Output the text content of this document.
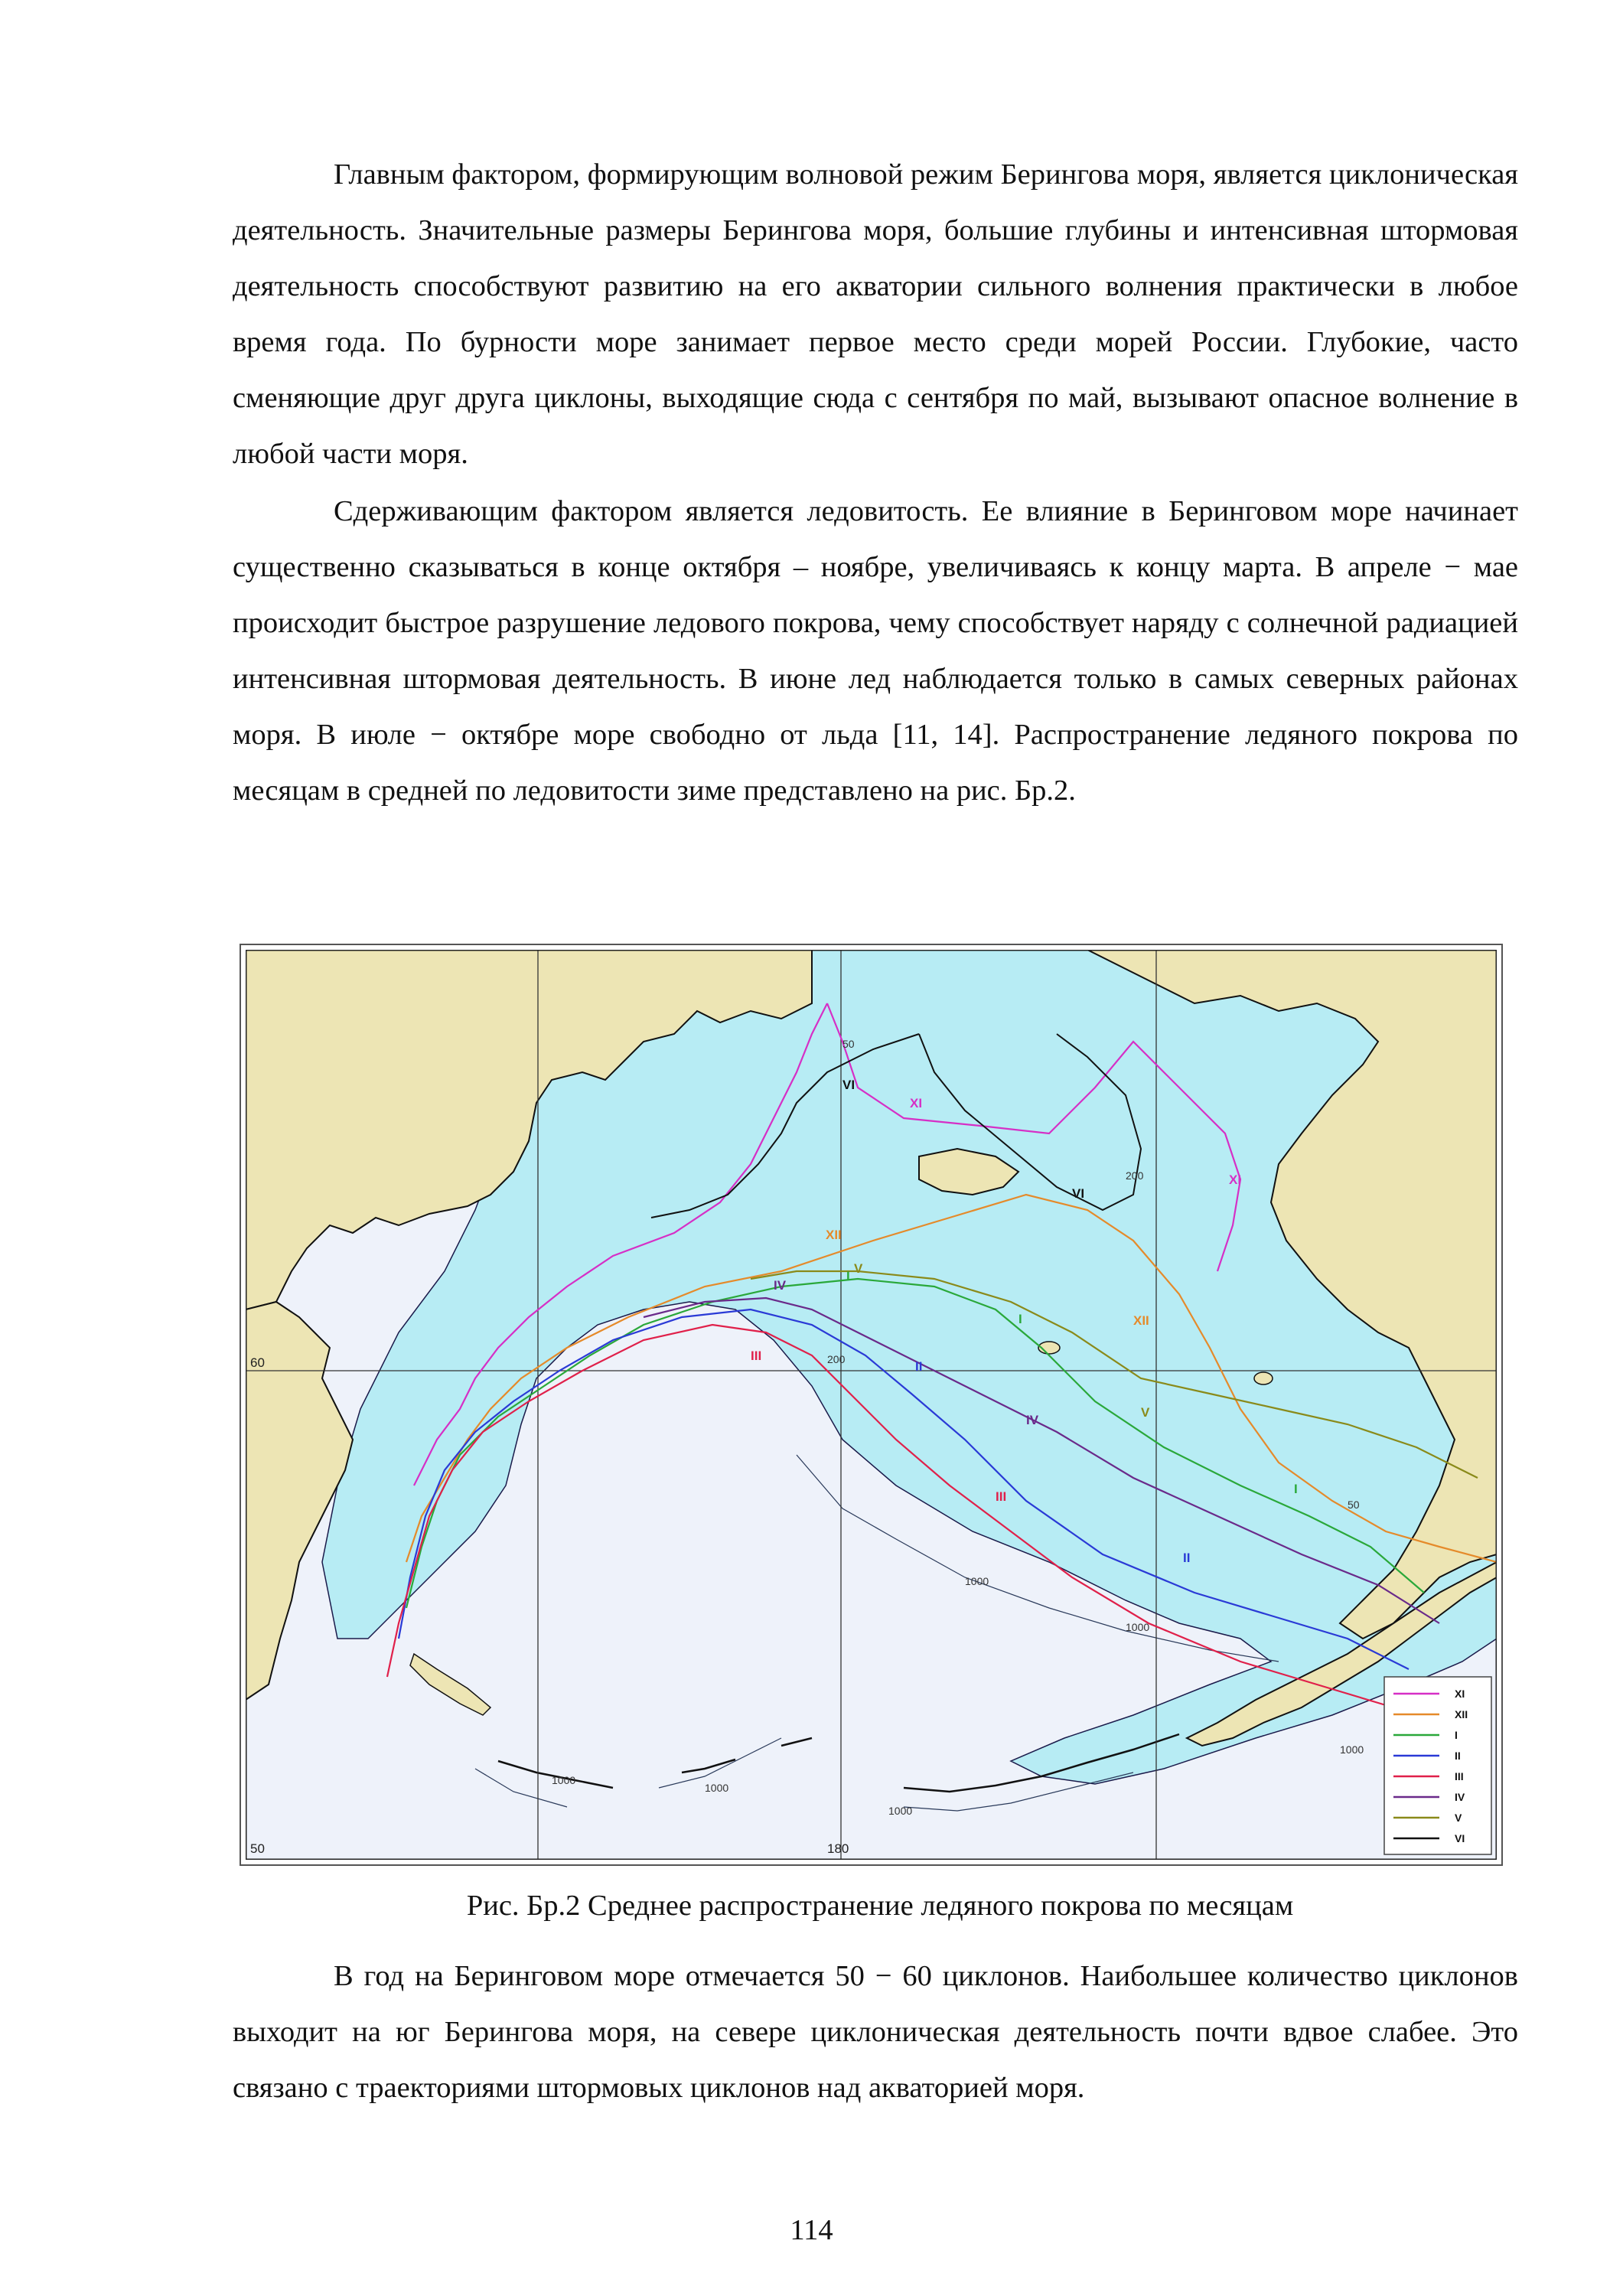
Главным фактором, формирующим волновой режим Берингова моря, является циклоническая деятельность. Значительные размеры Берингова моря, большие глубины и интенсивная штормовая деятельность способствуют развитию на его акватории сильного волнения практически в любое время года. По бурности море занимает первое место среди морей России. Глубокие, часто сменяющие друг друга циклоны, выходящие сюда с сентября по май, вызывают опасное волнение в любой части моря.

Сдерживающим фактором является ледовитость. Ее влияние в Беринговом море начинает существенно сказываться в конце октября – ноябре, увеличиваясь к концу марта. В апреле − мае происходит быстрое разрушение ледового покрова, чему способствует наряду с солнечной радиацией интенсивная штормовая деятельность. В июне лед наблюдается только в самых северных районах моря. В июле − октябре море свободно от льда [11, 14]. Распространение ледяного покрова по месяцам в средней по ледовитости зиме представлено на рис. Бр.2.

XI
XI
XII
XII
I
I
I
II
II
III
III
IV
IV
V
V
VI
VI
50
200
200
50
1000
1000
1000
1000
1000
1000
60
50	180
XI
XII
I
II
III
IV
V
VI
Рис. Бр.2 Среднее распространение ледяного покрова по месяцам

В год на Беринговом море отмечается 50 − 60 циклонов. Наибольшее количество циклонов выходит на юг Берингова моря, на севере циклоническая деятельность почти вдвое слабее. Это связано с траекториями штормовых циклонов над акваторией моря.

114
